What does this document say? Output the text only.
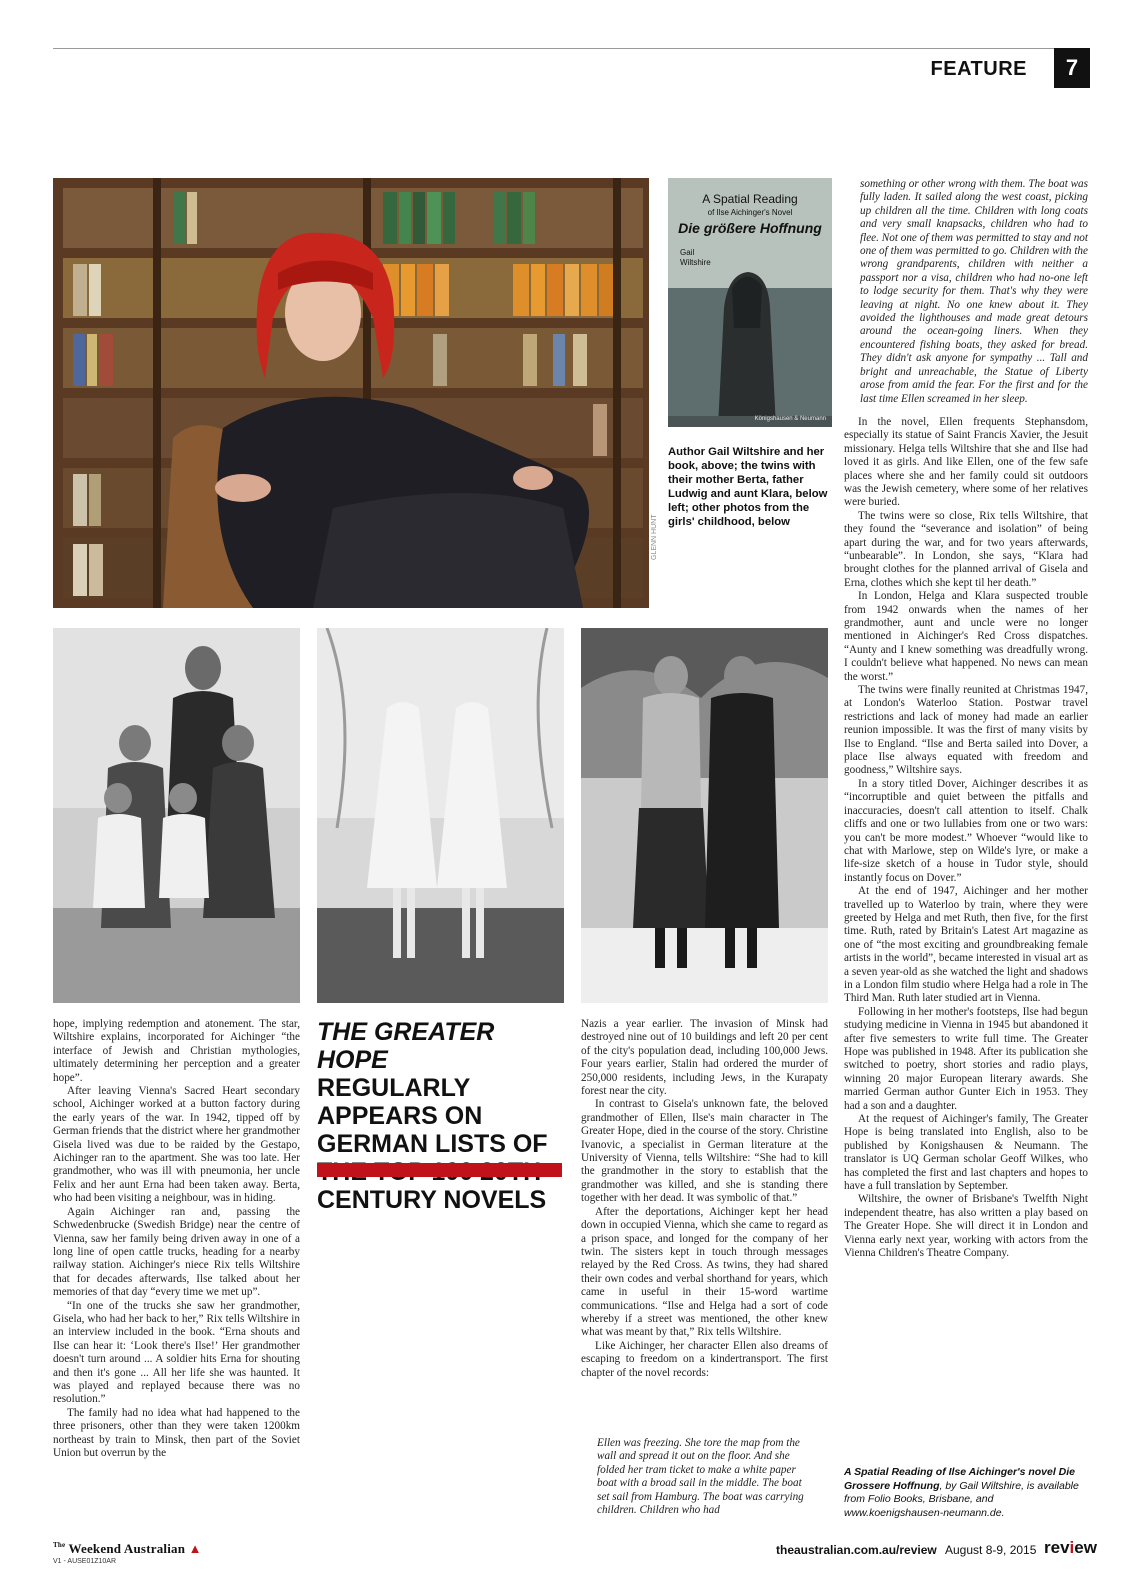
FEATURE	7
A Spatial Reading
of Ilse Aichinger's Novel
Die größere Hoffnung
Gail
Wiltshire
Königshausen & Neumann
GLENN HUNT
Author Gail Wiltshire and her book, above; the twins with their mother Berta, father Ludwig and aunt Klara, below left; other photos from the girls' childhood, below

hope, implying redemption and atonement. The star, Wiltshire explains, incorporated for Aichinger “the interface of Jewish and Christian mythologies, ultimately determining her perception and a greater hope”.

After leaving Vienna's Sacred Heart secondary school, Aichinger worked at a button factory during the early years of the war. In 1942, tipped off by German friends that the district where her grandmother Gisela lived was due to be raided by the Gestapo, Aichinger ran to the apartment. She was too late. Her grandmother, who was ill with pneumonia, her uncle Felix and her aunt Erna had been taken away. Berta, who had been visiting a neighbour, was in hiding.

Again Aichinger ran and, passing the Schwedenbrucke (Swedish Bridge) near the centre of Vienna, saw her family being driven away in one of a long line of open cattle trucks, heading for a nearby railway station. Aichinger's niece Rix tells Wiltshire that for decades afterwards, Ilse talked about her memories of that day “every time we met up”.

“In one of the trucks she saw her grandmother, Gisela, who had her back to her,” Rix tells Wiltshire in an interview included in the book. “Erna shouts and Ilse can hear it: ‘Look there's Ilse!’ Her grandmother doesn't turn around ... A soldier hits Erna for shouting and then it's gone ... All her life she was haunted. It was played and replayed because there was no resolution.”

The family had no idea what had happened to the three prisoners, other than they were taken 1200km northeast by train to Minsk, then part of the Soviet Union but overrun by the

THE GREATER HOPE
REGULARLY APPEARS ON GERMAN LISTS OF CENTURY NOVELS

Nazis a year earlier. The invasion of Minsk had destroyed nine out of 10 buildings and left 20 per cent of the city's population dead, including 100,000 Jews. Four years earlier, Stalin had ordered the murder of 250,000 residents, including Jews, in the Kurapaty forest near the city.

In contrast to Gisela's unknown fate, the beloved grandmother of Ellen, Ilse's main character in The Greater Hope, died in the course of the story. Christine Ivanovic, a specialist in German literature at the University of Vienna, tells Wiltshire: “She had to kill the grandmother in the story to establish that the grandmother was killed, and she is standing there together with her dead. It was symbolic of that.”

After the deportations, Aichinger kept her head down in occupied Vienna, which she came to regard as a prison space, and longed for the company of her twin. The sisters kept in touch through messages relayed by the Red Cross. As twins, they had shared their own codes and verbal shorthand for years, which came in useful in their 15-word wartime communications. “Ilse and Helga had a sort of code whereby if a street was mentioned, the other knew what was meant by that,” Rix tells Wiltshire.

Like Aichinger, her character Ellen also dreams of escaping to freedom on a kindertransport. The first chapter of the novel records:

Ellen was freezing. She tore the map from the wall and spread it out on the floor. And she folded her tram ticket to make a white paper boat with a broad sail in the middle. The boat set sail from Hamburg. The boat was carrying children. Children who had

something or other wrong with them. The boat was fully laden. It sailed along the west coast, picking up children all the time. Children with long coats and very small knapsacks, children who had to flee. Not one of them was permitted to stay and not one of them was permitted to go. Children with the wrong grandparents, children with neither a passport nor a visa, children who had no-one left to lodge security for them. That's why they were leaving at night. No one knew about it. They avoided the lighthouses and made great detours around the ocean-going liners. When they encountered fishing boats, they asked for bread. They didn't ask anyone for sympathy ... Tall and bright and unreachable, the Statue of Liberty arose from amid the fear. For the first and for the last time Ellen screamed in her sleep.

In the novel, Ellen frequents Stephansdom, especially its statue of Saint Francis Xavier, the Jesuit missionary. Helga tells Wiltshire that she and Ilse had loved it as girls. And like Ellen, one of the few safe places where she and her family could sit outdoors was the Jewish cemetery, where some of her relatives were buried.

The twins were so close, Rix tells Wiltshire, that they found the “severance and isolation” of being apart during the war, and for two years afterwards, “unbearable”. In London, she says, “Klara had brought clothes for the planned arrival of Gisela and Erna, clothes which she kept til her death.”

In London, Helga and Klara suspected trouble from 1942 onwards when the names of her grandmother, aunt and uncle were no longer mentioned in Aichinger's Red Cross dispatches. “Aunty and I knew something was dreadfully wrong. I couldn't believe what happened. No news can mean the worst.”

The twins were finally reunited at Christmas 1947, at London's Waterloo Station. Postwar travel restrictions and lack of money had made an earlier reunion impossible. It was the first of many visits by Ilse to England. “Ilse and Berta sailed into Dover, a place Ilse always equated with freedom and goodness,” Wiltshire says.

In a story titled Dover, Aichinger describes it as “incorruptible and quiet between the pitfalls and inaccuracies, doesn't call attention to itself. Chalk cliffs and one or two lullabies from one or two wars: you can't be more modest.” Whoever “would like to chat with Marlowe, step on Wilde's lyre, or make a life-size sketch of a house in Tudor style, should instantly focus on Dover.”

At the end of 1947, Aichinger and her mother travelled up to Waterloo by train, where they were greeted by Helga and met Ruth, then five, for the first time. Ruth, rated by Britain's Latest Art magazine as one of “the most exciting and groundbreaking female artists in the world”, became interested in visual art as a seven year-old as she watched the light and shadows in a London film studio where Helga had a role in The Third Man. Ruth later studied art in Vienna.

Following in her mother's footsteps, Ilse had begun studying medicine in Vienna in 1945 but abandoned it after five semesters to write full time. The Greater Hope was published in 1948. After its publication she switched to poetry, short stories and radio plays, winning 20 major European literary awards. She married German author Gunter Eich in 1953. They had a son and a daughter.

At the request of Aichinger's family, The Greater Hope is being translated into English, also to be published by Konigshausen & Neumann. The translator is UQ German scholar Geoff Wilkes, who has completed the first and last chapters and hopes to have a full translation by September.

Wiltshire, the owner of Brisbane's Twelfth Night independent theatre, has also written a play based on The Greater Hope. She will direct it in London and Vienna early next year, working with actors from the Vienna Children's Theatre Company.

A Spatial Reading of Ilse Aichinger's novel Die Grossere Hoffnung, by Gail Wiltshire, is available from Folio Books, Brisbane, and www.koenigshausen-neumann.de.
$^{The}$ Weekend Australian ▲
V1 - AUSE01Z10AR
theaustralian.com.au/review August 8-9, 2015 review
